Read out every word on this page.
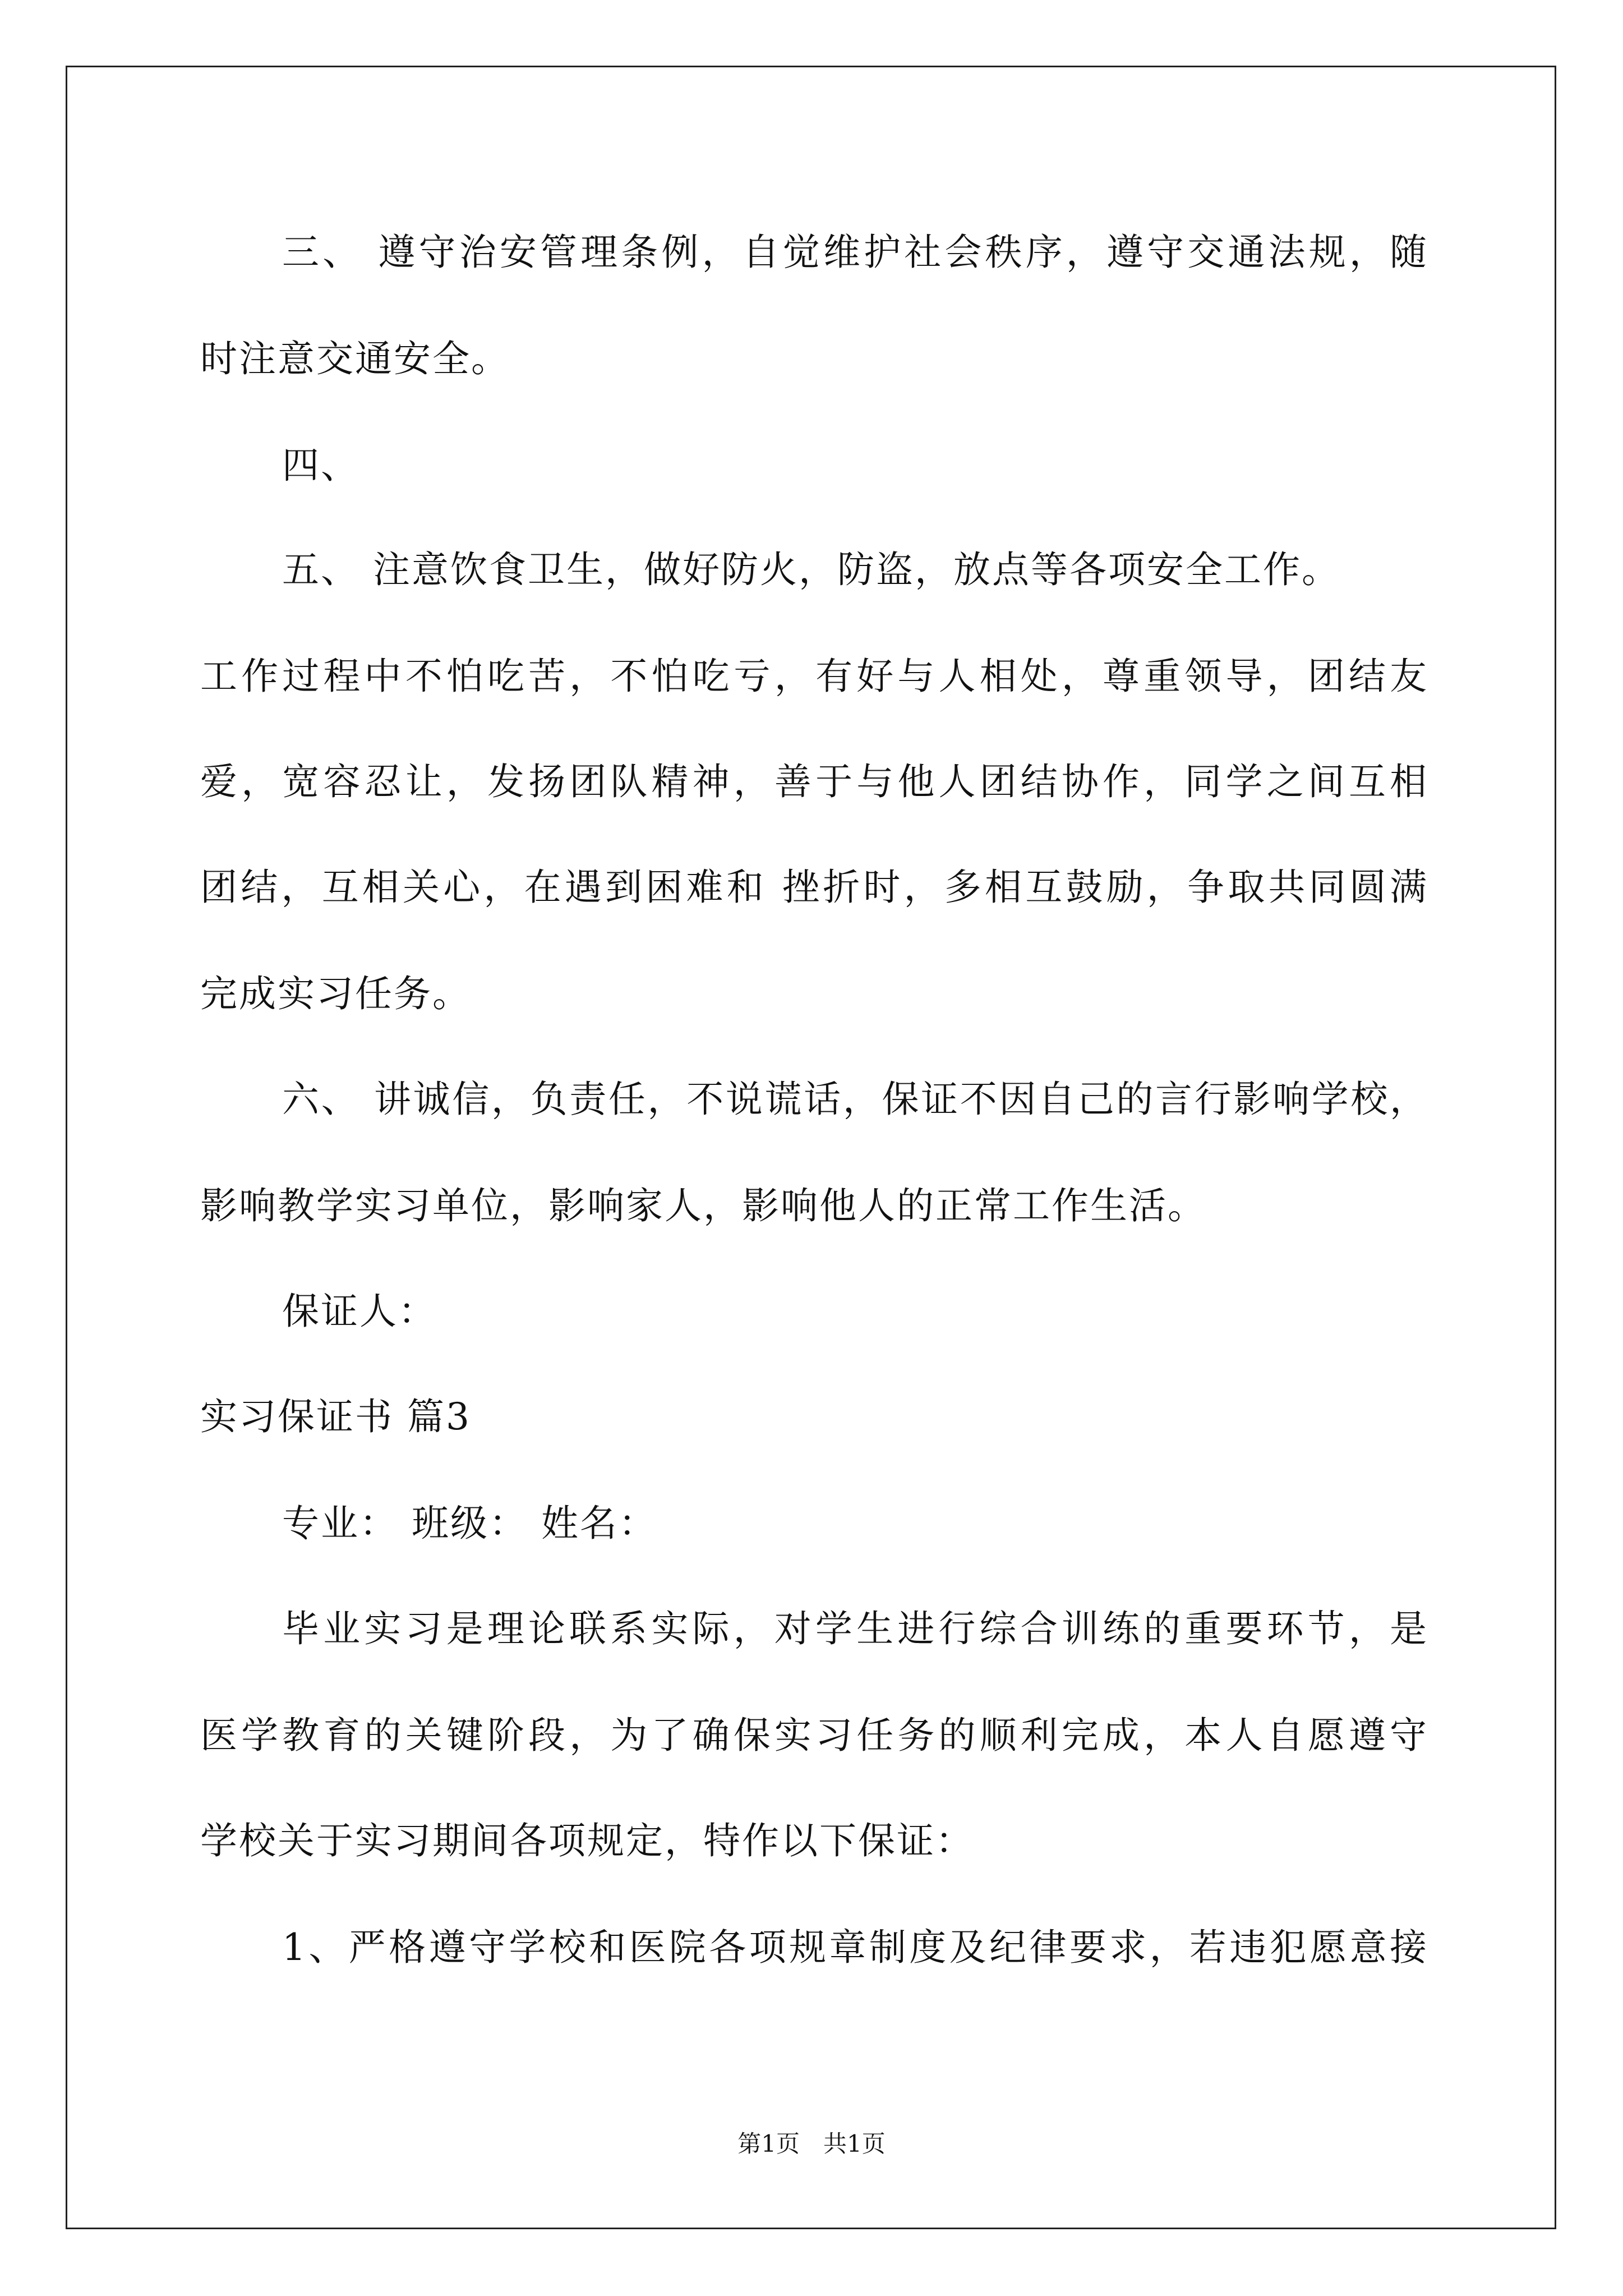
三、 遵守治安管理条例，自觉维护社会秩序，遵守交通法规，随
时注意交通安全。
四、
五、 注意饮食卫生，做好防火，防盗，放点等各项安全工作。
工作过程中不怕吃苦，不怕吃亏，有好与人相处，尊重领导，团结友
爱，宽容忍让，发扬团队精神，善于与他人团结协作，同学之间互相
团结，互相关心，在遇到困难和 挫折时，多相互鼓励，争取共同圆满
完成实习任务。
六、 讲诚信，负责任，不说谎话，保证不因自己的言行影响学校，
影响教学实习单位，影响家人，影响他人的正常工作生活。
保证人：
实习保证书 篇3
专业： 班级： 姓名：
毕业实习是理论联系实际，对学生进行综合训练的重要环节，是
医学教育的关键阶段，为了确保实习任务的顺利完成，本人自愿遵守
学校关于实习期间各项规定，特作以下保证：
1、严格遵守学校和医院各项规章制度及纪律要求，若违犯愿意接
第1页　共1页
